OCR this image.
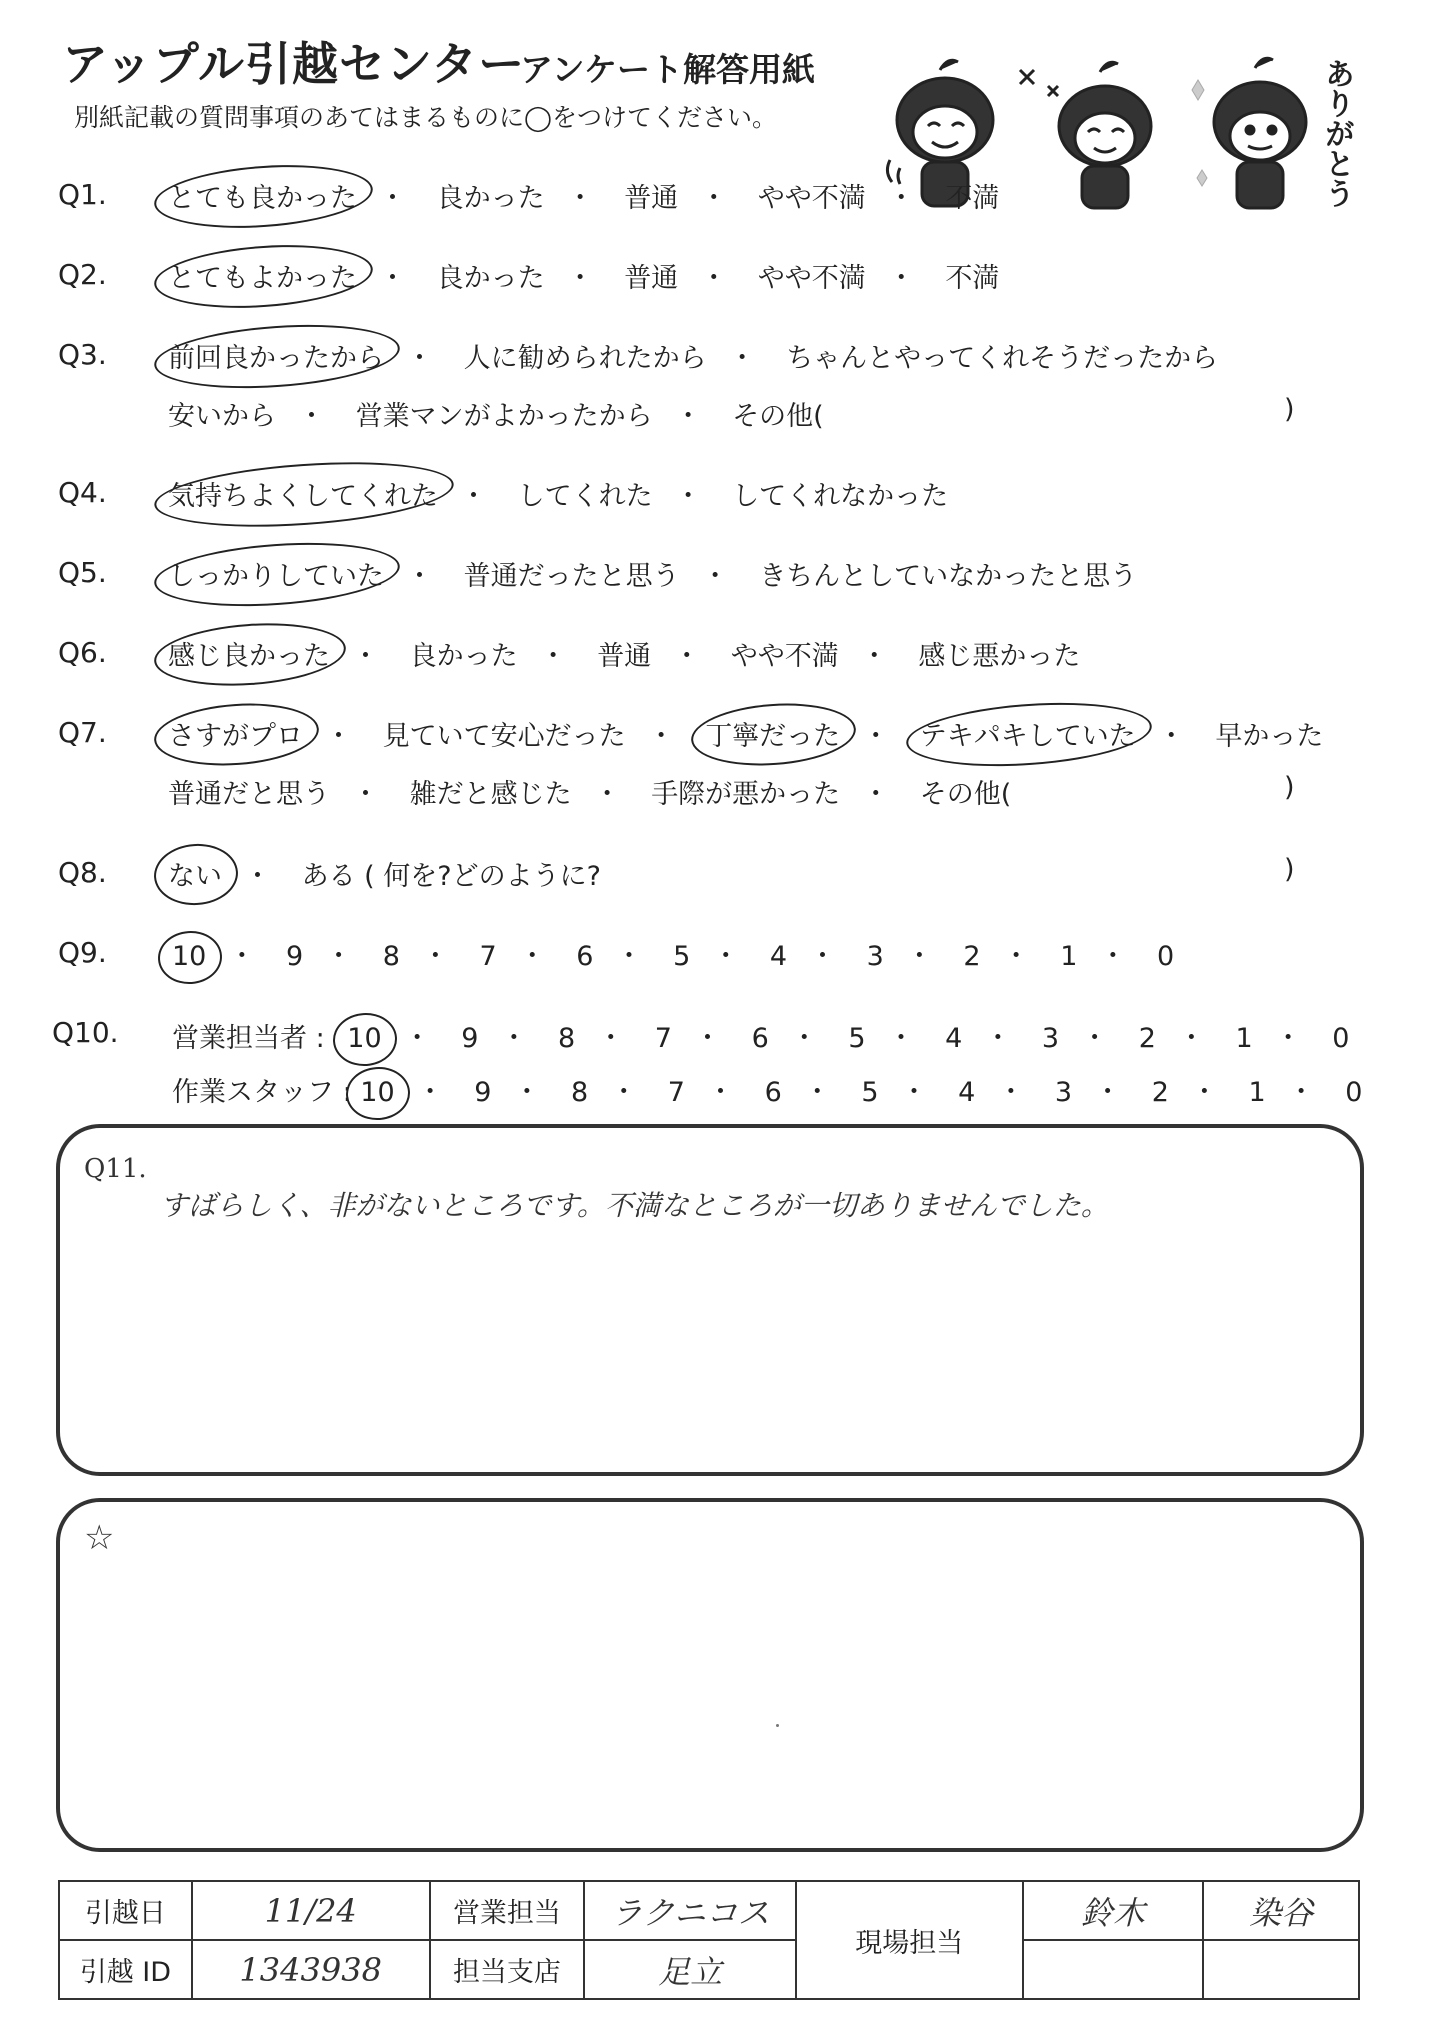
アップル引越センター
アンケート解答用紙
別紙記載の質問事項のあてはまるものに◯をつけてください。	ありがとう
Q1.	とても良かった ・ 良かった ・ 普通 ・ やや不満 ・ 不満
Q2.	とてもよかった ・ 良かった ・ 普通 ・ やや不満 ・ 不満
Q3.	前回良かったから ・ 人に勧められたから ・ ちゃんとやってくれそうだったから
安いから ・ 営業マンがよかったから ・ その他(	)
Q4.	気持ちよくしてくれた ・ してくれた ・ してくれなかった
Q5.	しっかりしていた ・ 普通だったと思う ・ きちんとしていなかったと思う
Q6.	感じ良かった ・ 良かった ・ 普通 ・ やや不満 ・ 感じ悪かった
Q7.	さすがプロ ・ 見ていて安心だった ・ 丁寧だった ・ テキパキしていた ・ 早かった
普通だと思う ・ 雑だと感じた ・ 手際が悪かった ・ その他(	)
Q8.	ない ・ ある ( 何を?どのように?	)
Q9.	10 ・ 9 ・ 8 ・ 7 ・ 6 ・ 5 ・ 4 ・ 3 ・ 2 ・ 1 ・ 0
Q10.	営業担当者 : 10 ・ 9 ・ 8 ・ 7 ・ 6 ・ 5 ・ 4 ・ 3 ・ 2 ・ 1 ・ 0
作業スタッフ : 10 ・ 9 ・ 8 ・ 7 ・ 6 ・ 5 ・ 4 ・ 3 ・ 2 ・ 1 ・ 0
Q11.
すばらしく、非がないところです。不満なところが一切ありませんでした。
☆
引越日	11/24	営業担当	ラクニコス	現場担当	鈴木	染谷
引越 ID	1343938	担当支店	足立			
